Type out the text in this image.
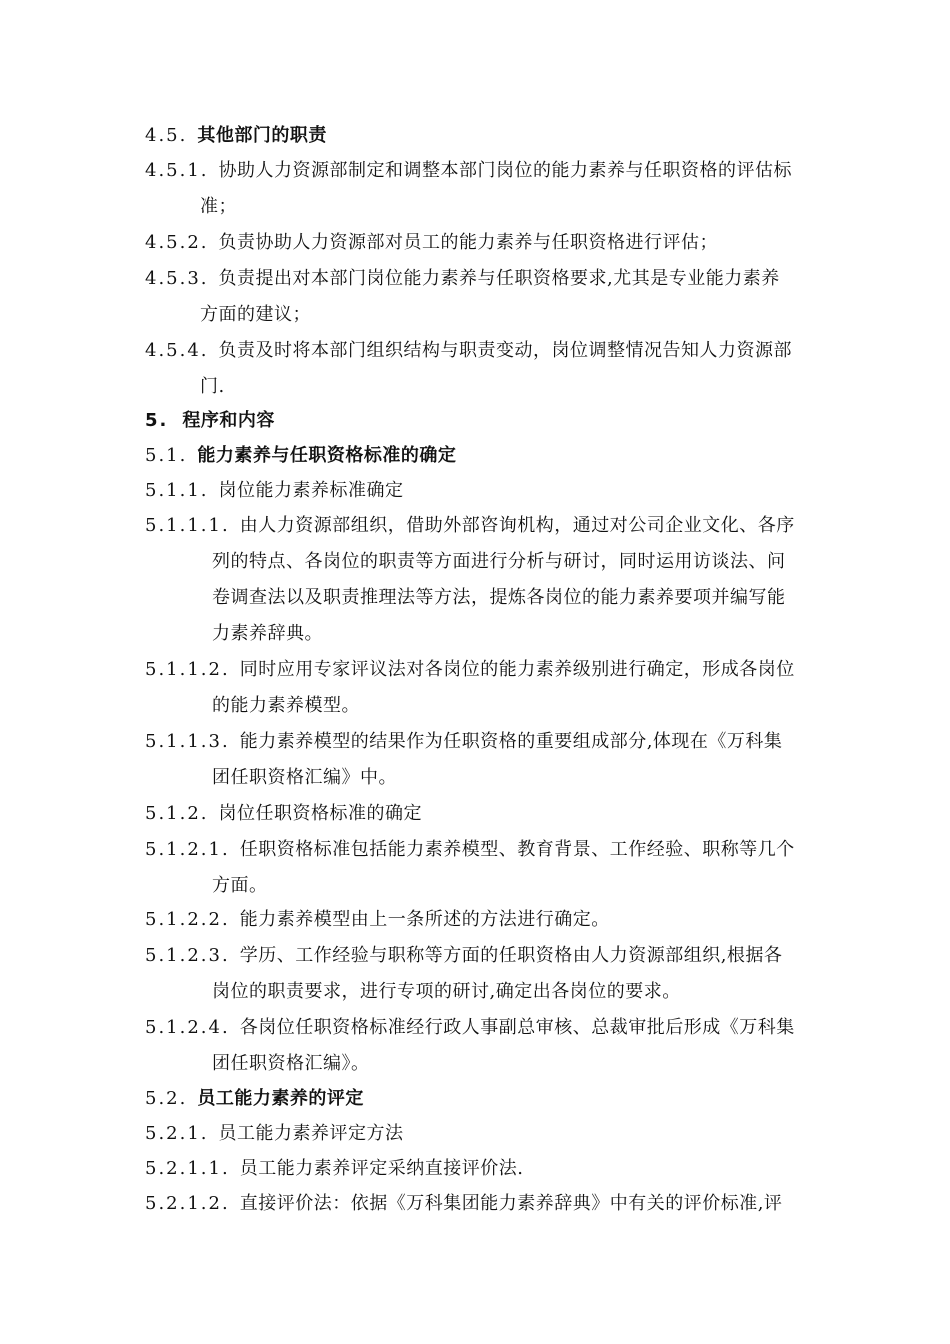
4.5. 其他部门的职责
4.5.1. 协助人力资源部制定和调整本部门岗位的能力素养与任职资格的评估标
准；
4.5.2. 负责协助人力资源部对员工的能力素养与任职资格进行评估；
4.5.3. 负责提出对本部门岗位能力素养与任职资格要求,尤其是专业能力素养
方面的建议；
4.5.4. 负责及时将本部门组织结构与职责变动，岗位调整情况告知人力资源部
门.
5. 程序和内容
5.1. 能力素养与任职资格标准的确定
5.1.1. 岗位能力素养标准确定
5.1.1.1. 由人力资源部组织，借助外部咨询机构，通过对公司企业文化、各序
列的特点、各岗位的职责等方面进行分析与研讨，同时运用访谈法、问
卷调查法以及职责推理法等方法，提炼各岗位的能力素养要项并编写能
力素养辞典。
5.1.1.2. 同时应用专家评议法对各岗位的能力素养级别进行确定，形成各岗位
的能力素养模型。
5.1.1.3. 能力素养模型的结果作为任职资格的重要组成部分,体现在《万科集
团任职资格汇编》中。
5.1.2. 岗位任职资格标准的确定
5.1.2.1. 任职资格标准包括能力素养模型、教育背景、工作经验、职称等几个
方面。
5.1.2.2. 能力素养模型由上一条所述的方法进行确定。
5.1.2.3. 学历、工作经验与职称等方面的任职资格由人力资源部组织,根据各
岗位的职责要求，进行专项的研讨,确定出各岗位的要求。
5.1.2.4. 各岗位任职资格标准经行政人事副总审核、总裁审批后形成《万科集
团任职资格汇编》。
5.2. 员工能力素养的评定
5.2.1. 员工能力素养评定方法
5.2.1.1. 员工能力素养评定采纳直接评价法.
5.2.1.2. 直接评价法：依据《万科集团能力素养辞典》中有关的评价标准,评
